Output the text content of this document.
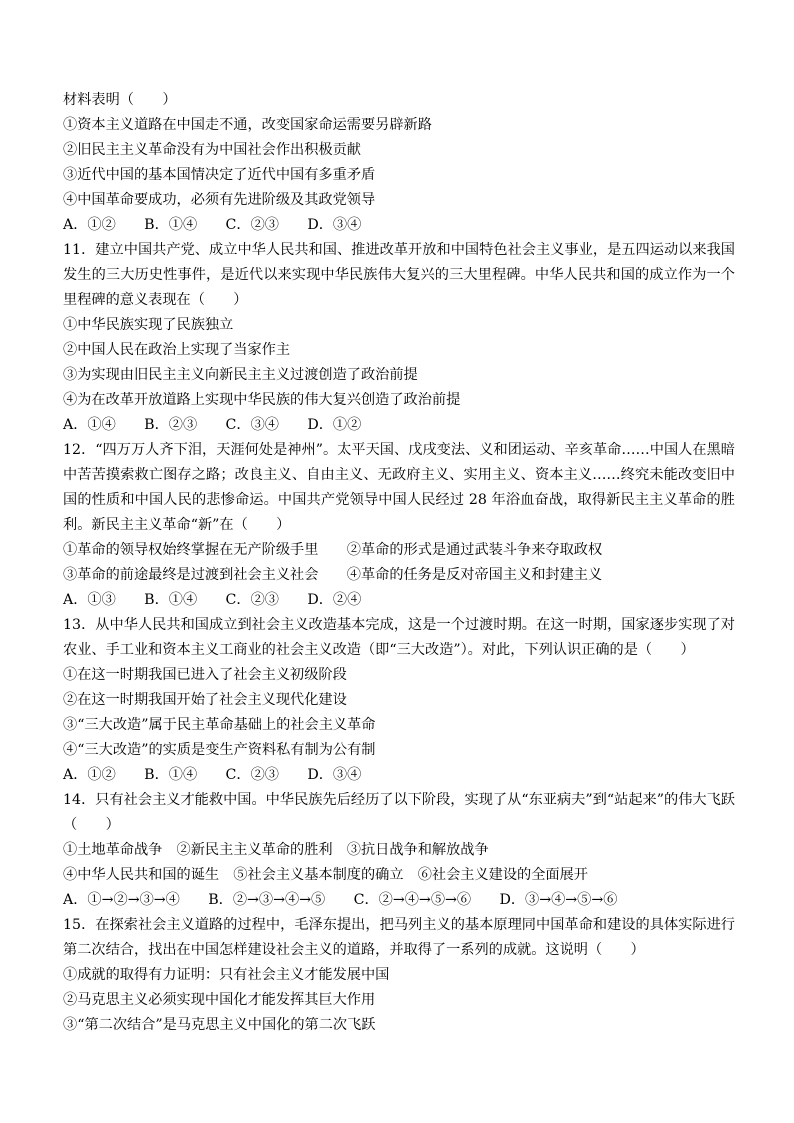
材料表明（　　）
①资本主义道路在中国走不通，改变国家命运需要另辟新路
②旧民主主义革命没有为中国社会作出积极贡献
③近代中国的基本国情决定了近代中国有多重矛盾
④中国革命要成功，必须有先进阶级及其政党领导
A．①②　　B．①④　　C．②③　　D．③④
11．建立中国共产党、成立中华人民共和国、推进改革开放和中国特色社会主义事业，是五四运动以来我国发生的三大历史性事件，是近代以来实现中华民族伟大复兴的三大里程碑。中华人民共和国的成立作为一个里程碑的意义表现在（　　）
①中华民族实现了民族独立
②中国人民在政治上实现了当家作主
③为实现由旧民主主义向新民主主义过渡创造了政治前提
④为在改革开放道路上实现中华民族的伟大复兴创造了政治前提
A．①④　　B．②③　　C．③④　　D．①②
12．“四万万人齐下泪，天涯何处是神州”。太平天国、戊戌变法、义和团运动、辛亥革命……中国人在黑暗中苦苦摸索救亡图存之路；改良主义、自由主义、无政府主义、实用主义、资本主义……终究未能改变旧中国的性质和中国人民的悲惨命运。中国共产党领导中国人民经过 28 年浴血奋战，取得新民主主义革命的胜利。新民主主义革命“新”在（　　）
①革命的领导权始终掌握在无产阶级手里　　 ②革命的形式是通过武装斗争来夺取政权
③革命的前途最终是过渡到社会主义社会　　 ④革命的任务是反对帝国主义和封建主义
A．①③　　B．①④　　C．②③　　D．②④
13．从中华人民共和国成立到社会主义改造基本完成，这是一个过渡时期。在这一时期，国家逐步实现了对农业、手工业和资本主义工商业的社会主义改造（即“三大改造”）。对此，下列认识正确的是（　　）
①在这一时期我国已进入了社会主义初级阶段
②在这一时期我国开始了社会主义现代化建设
③“三大改造”属于民主革命基础上的社会主义革命
④“三大改造”的实质是变生产资料私有制为公有制
A．①②　　B．①④　　C．②③　　D．③④
14．只有社会主义才能救中国。中华民族先后经历了以下阶段，实现了从“东亚病夫”到“站起来”的伟大飞跃（　　）
①土地革命战争　②新民主主义革命的胜利　③抗日战争和解放战争
④中华人民共和国的诞生　⑤社会主义基本制度的确立　⑥社会主义建设的全面展开
A．①→②→③→④　　B．②→③→④→⑤　　C．②→④→⑤→⑥　　D．③→④→⑤→⑥
15．在探索社会主义道路的过程中，毛泽东提出，把马列主义的基本原理同中国革命和建设的具体实际进行第二次结合，找出在中国怎样建设社会主义的道路，并取得了一系列的成就。这说明（　　）
①成就的取得有力证明：只有社会主义才能发展中国
②马克思主义必须实现中国化才能发挥其巨大作用
③“第二次结合”是马克思主义中国化的第二次飞跃
